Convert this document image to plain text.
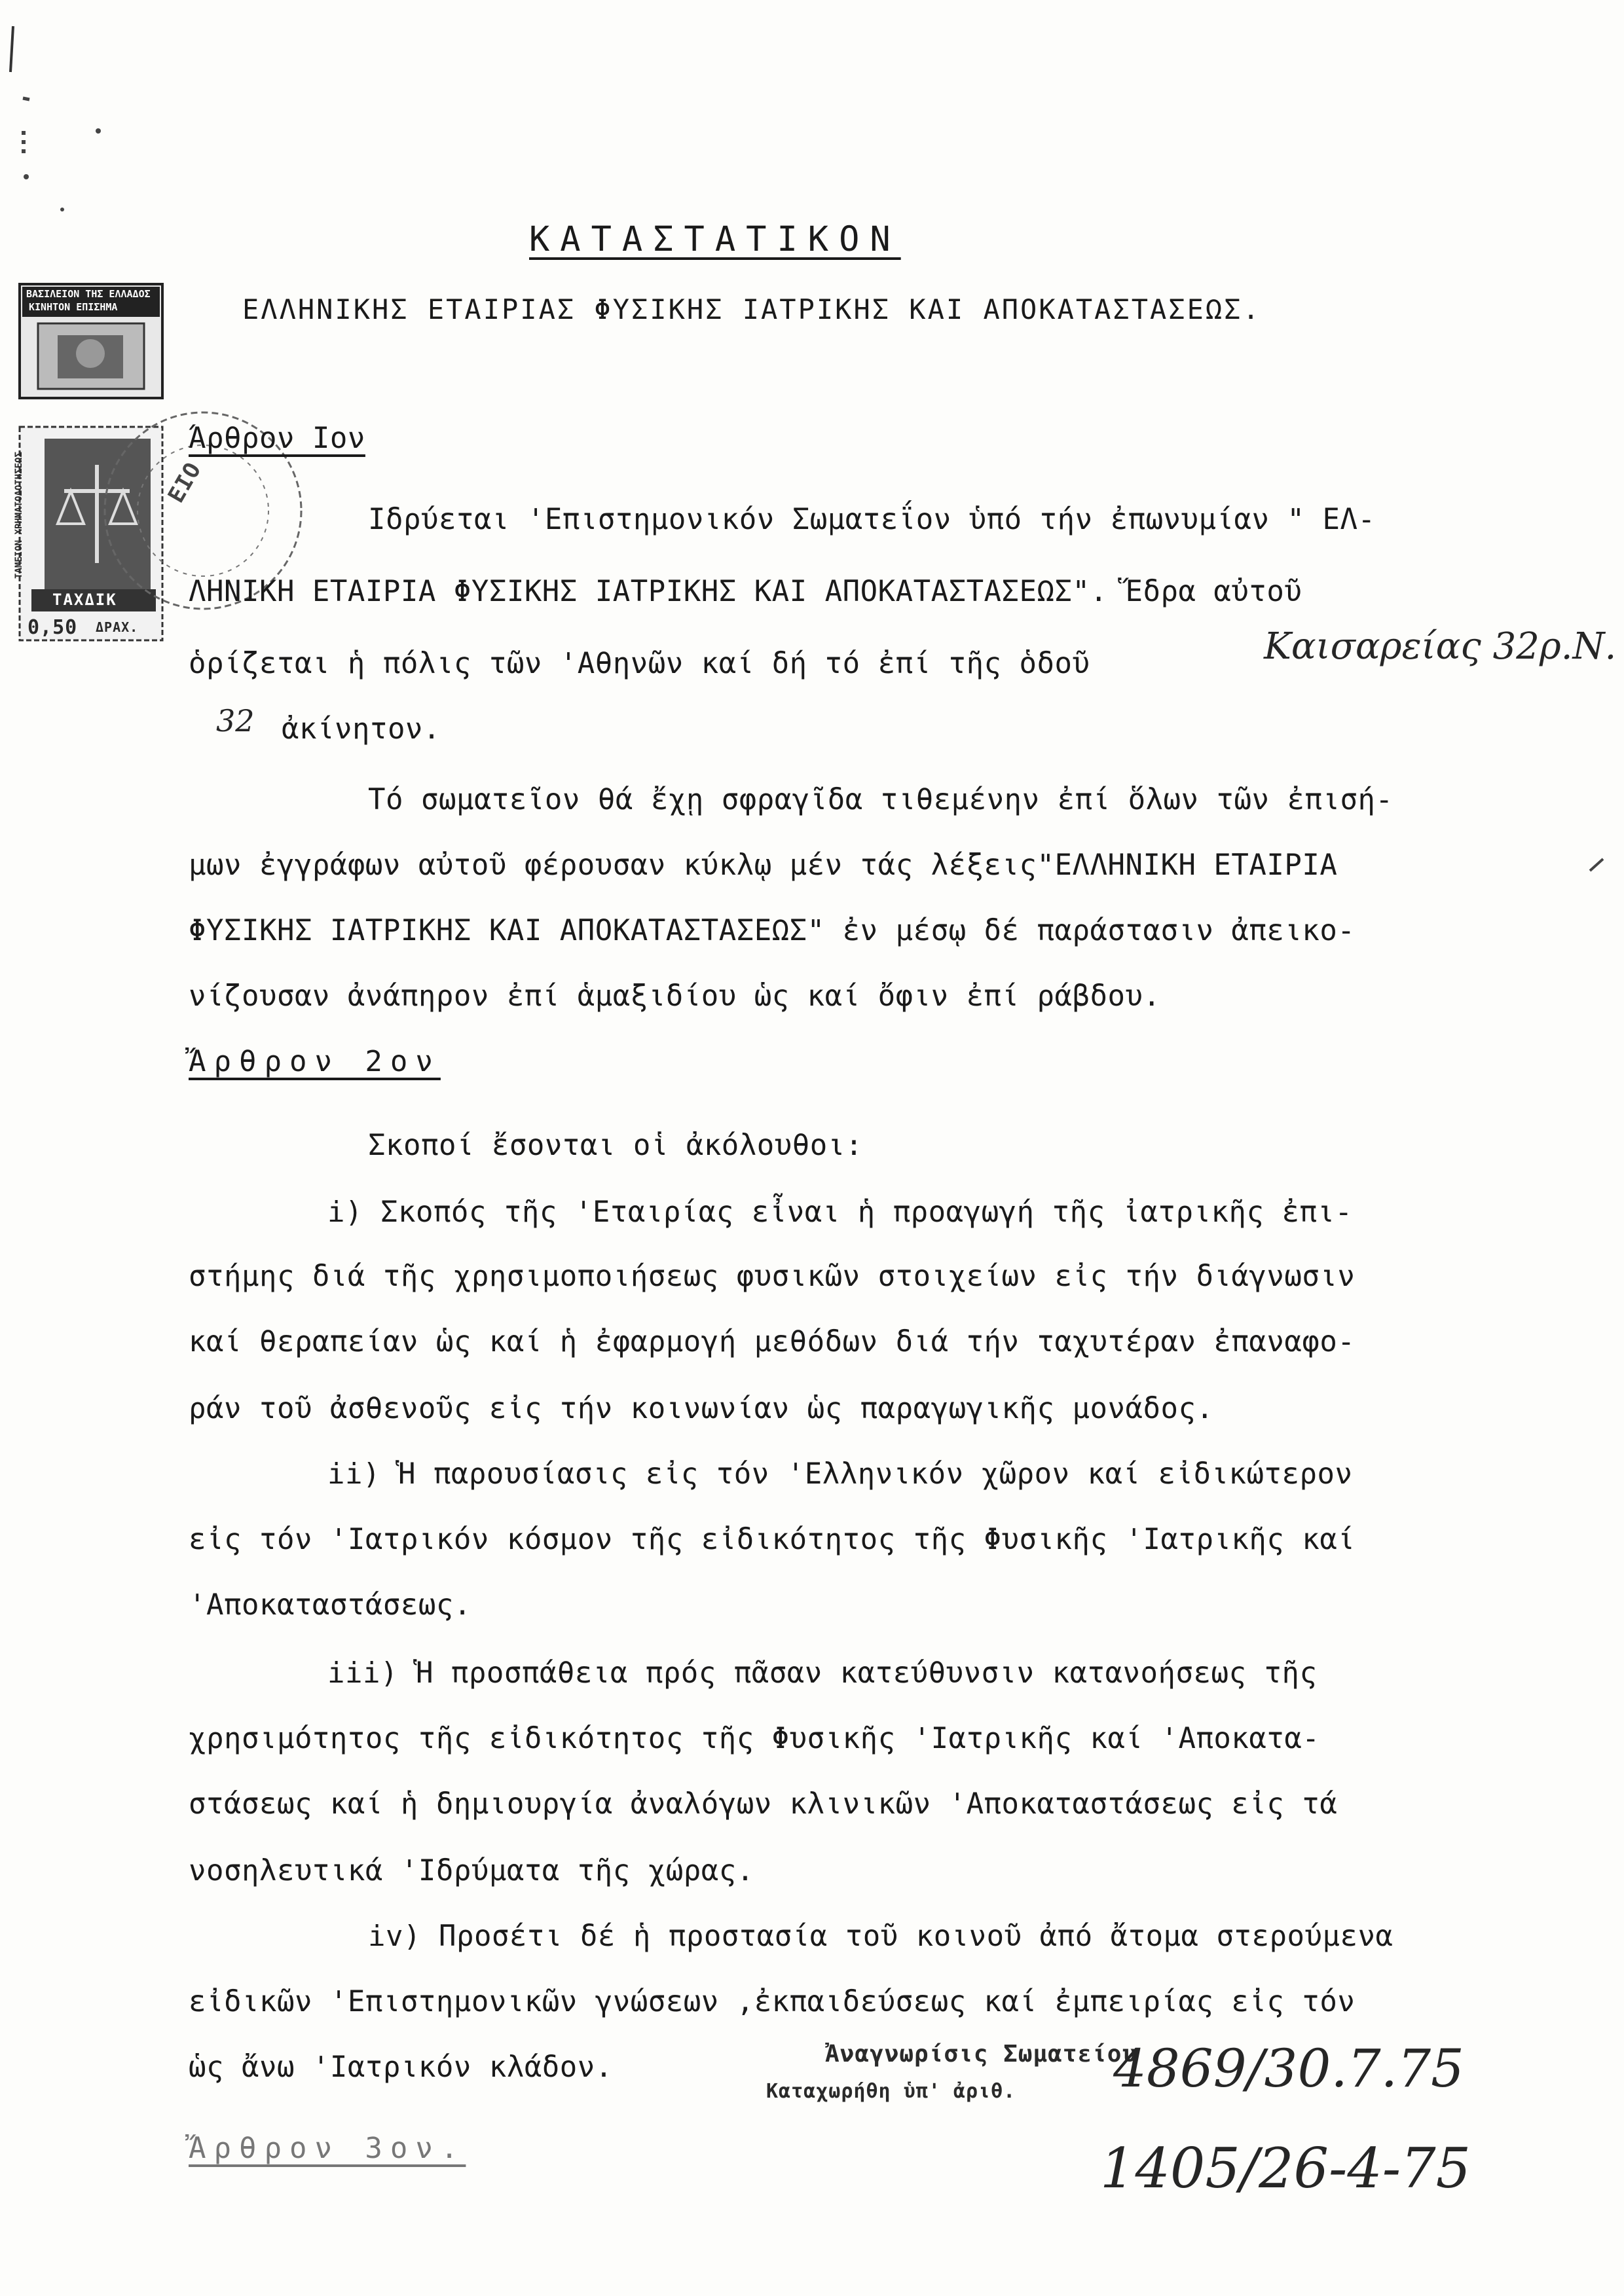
ΒΑΣΙΛΕΙΟΝ ΤΗΣ ΕΛΛΑΔΟΣ
ΚΙΝΗΤΟΝ ΕΠΙΣΗΜΑ
ΤΑΧΔΙΚ
0,50 ΔΡΑΧ.
ΤΑΜΕΙΟΝ ΧΡΗΜΑΤΟΔΟΤΗΣΕΩΣ	ΕΙΟ
ΚΑΤΑΣΤΑΤΙΚΟΝ
ΕΛΛΗΝΙΚΗΣ ΕΤΑΙΡΙΑΣ ΦΥΣΙΚΗΣ ΙΑΤΡΙΚΗΣ ΚΑΙ ΑΠΟΚΑΤΑΣΤΑΣΕΩΣ.
Άρθρον Ιον
Ιδρύεται 'Επιστημονικόν Σωματεΐον ὑπό τήν ἐπωνυμίαν " ΕΛ-
ΛΗΝΙΚΗ ΕΤΑΙΡΙΑ ΦΥΣΙΚΗΣ ΙΑΤΡΙΚΗΣ ΚΑΙ ΑΠΟΚΑΤΑΣΤΑΣΕΩΣ". Ἕδρα αὐτοῦ
ὁρίζεται ἡ πόλις τῶν 'Αθηνῶν καί δή τό ἐπί τῆς ὁδοῦ	Καισαρείας 32ρ.Ν.
32 ἀκίνητον.
Τό σωματεῖον θά ἔχῃ σφραγῖδα τιθεμένην ἐπί ὅλων τῶν ἐπισή-
μων ἐγγράφων αὐτοῦ φέρουσαν κύκλῳ μέν τάς λέξεις"ΕΛΛΗΝΙΚΗ ΕΤΑΙΡΙΑ
ΦΥΣΙΚΗΣ ΙΑΤΡΙΚΗΣ ΚΑΙ ΑΠΟΚΑΤΑΣΤΑΣΕΩΣ" ἐν μέσῳ δέ παράστασιν ἀπεικο-
νίζουσαν ἀνάπηρον ἐπί ἁμαξιδίου ὡς καί ὄφιν ἐπί ράβδου.
Ἄρθρον 2ον
Σκοποί ἔσονται οἱ ἀκόλουθοι:
i) Σκοπός τῆς 'Εταιρίας εἶναι ἡ προαγωγή τῆς ἰατρικῆς ἐπι-
στήμης διά τῆς χρησιμοποιήσεως φυσικῶν στοιχείων εἰς τήν διάγνωσιν
καί θεραπείαν ὡς καί ἡ ἐφαρμογή μεθόδων διά τήν ταχυτέραν ἐπαναφο-
ράν τοῦ ἀσθενοῦς εἰς τήν κοινωνίαν ὡς παραγωγικῆς μονάδος.
ii) Ἡ παρουσίασις εἰς τόν 'Ελληνικόν χῶρον καί εἰδικώτερον
εἰς τόν 'Ιατρικόν κόσμον τῆς εἰδικότητος τῆς Φυσικῆς 'Ιατρικῆς καί
'Αποκαταστάσεως.
iii) Ἡ προσπάθεια πρός πᾶσαν κατεύθυνσιν κατανοήσεως τῆς
χρησιμότητος τῆς εἰδικότητος τῆς Φυσικῆς 'Ιατρικῆς καί 'Αποκατα-
στάσεως καί ἡ δημιουργία ἀναλόγων κλινικῶν 'Αποκαταστάσεως εἰς τά
νοσηλευτικά 'Ιδρύματα τῆς χώρας.
iv) Προσέτι δέ ἡ προστασία τοῦ κοινοῦ ἀπό ἄτομα στερούμενα
εἰδικῶν 'Επιστημονικῶν γνώσεων ,ἐκπαιδεύσεως καί ἐμπειρίας εἰς τόν
ὡς ἄνω 'Ιατρικόν κλάδον.	Ἀναγνωρίσις Σωματείου
Καταχωρήθη ὑπ' ἀριθ. 4869/30.7.75
1405/26-4-75
Ἄρθρον 3ον.
